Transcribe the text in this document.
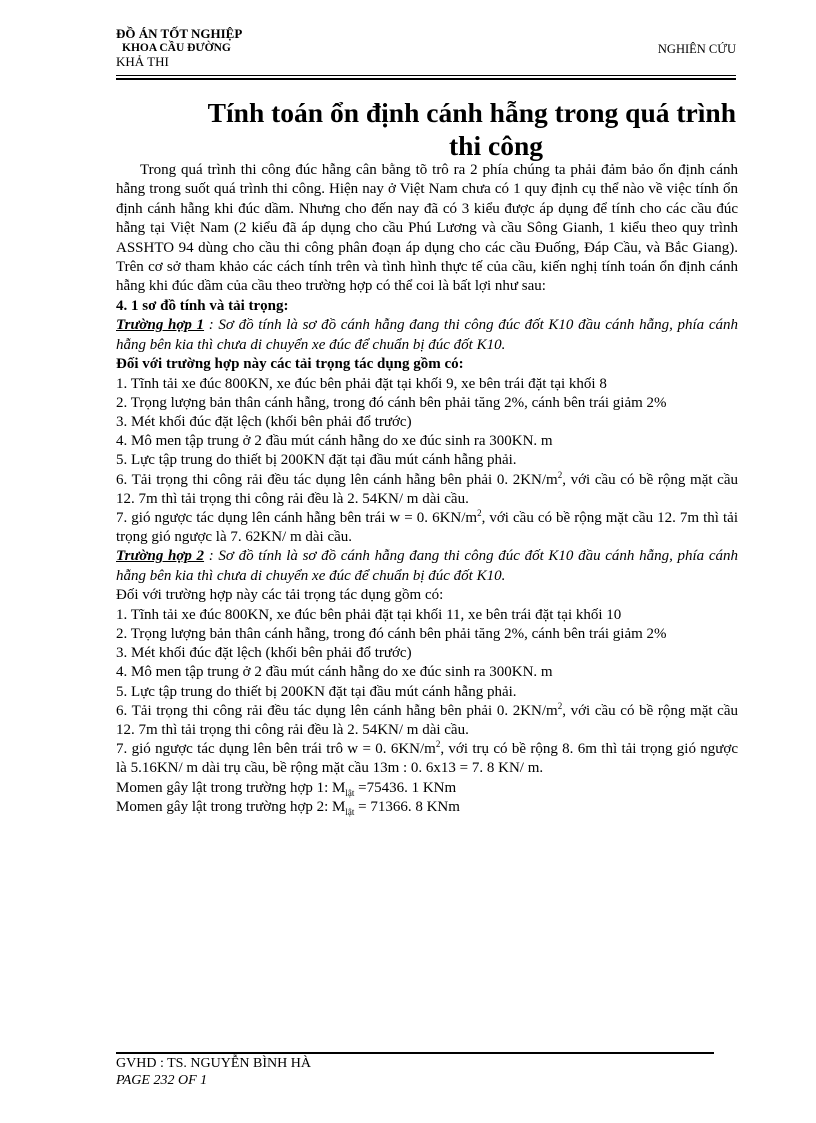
ĐỒ ÁN TỐT NGHIỆP
KHOA CẦU ĐƯỜNG
KHẢ THI
NGHIÊN CỨU
Tính toán ổn định cánh hẫng trong quá trình
thi công

Trong quá trình thi công đúc hẫng cân bằng tõ trô ra 2 phía chúng ta phải đảm bảo ổn định cánh hẫng trong suốt quá trình thi công. Hiện nay ở Việt Nam chưa có 1 quy định cụ thể nào về việc tính ổn định cánh hẫng khi đúc dầm. Nhưng cho đến nay đã có 3 kiểu được áp dụng để tính cho các cầu đúc hẫng tại Việt Nam (2 kiểu đã áp dụng cho cầu Phú Lương và cầu Sông Gianh, 1 kiểu theo quy trình ASSHTO 94 dùng cho cầu thi công phân đoạn áp dụng cho các cầu Đuống, Đáp Cầu, và Bắc Giang). Trên cơ sở tham khảo các cách tính trên và tình hình thực tế của cầu, kiến nghị tính toán ổn định cánh hẫng khi đúc dầm của cầu theo trường hợp có thể coi là bất lợi như sau:

4. 1 sơ đồ tính và tải trọng:

Trường hợp 1 : Sơ đồ tính là sơ đồ cánh hẫng đang thi công đúc đốt K10 đầu cánh hẫng, phía cánh hẫng bên kia thì chưa di chuyển xe đúc để chuẩn bị đúc đốt K10.

Đối với trường hợp này các tải trọng tác dụng gồm có:

1. Tĩnh tải xe đúc 800KN, xe đúc bên phải đặt tại khối 9, xe bên trái đặt tại khối 8

2. Trọng lượng bản thân cánh hẫng, trong đó cánh bên phải tăng 2%, cánh bên trái giảm 2%

3. Mét khối đúc đặt lệch (khối bên phải đổ trước)

4. Mô men tập trung ở 2 đầu mút cánh hẫng do xe đúc sinh ra 300KN. m

5. Lực tập trung do thiết bị 200KN đặt tại đầu mút cánh hẫng phải.

6. Tải trọng thi công rải đều tác dụng lên cánh hẫng bên phải 0. $2KN/m^2$, với cầu có bề rộng mặt cầu 12. 7m thì tải trọng thi công rải đều là 2. 54KN/ m dài cầu.

7. gió ngược tác dụng lên cánh hẫng bên trái w = 0. $6KN/m^2$, với cầu có bề rộng mặt cầu 12. 7m thì tải trọng gió ngược là 7. 62KN/ m dài cầu.

Trường hợp 2 : Sơ đồ tính là sơ đồ cánh hẫng đang thi công đúc đốt K10 đầu cánh hẫng, phía cánh hẫng bên kia thì chưa di chuyển xe đúc để chuẩn bị đúc đốt K10.

Đối với trường hợp này các tải trọng tác dụng gồm có:

1. Tĩnh tải xe đúc 800KN, xe đúc bên phải đặt tại khối 11, xe bên trái đặt tại khối 10

2. Trọng lượng bản thân cánh hẫng, trong đó cánh bên phải tăng 2%, cánh bên trái giảm 2%

3. Mét khối đúc đặt lệch (khối bên phải đổ trước)

4. Mô men tập trung ở 2 đầu mút cánh hẫng do xe đúc sinh ra 300KN. m

5. Lực tập trung do thiết bị 200KN đặt tại đầu mút cánh hẫng phải.

6. Tải trọng thi công rải đều tác dụng lên cánh hẫng bên phải 0. $2KN/m^2$, với cầu có bề rộng mặt cầu 12. 7m thì tải trọng thi công rải đều là 2. 54KN/ m dài cầu.

7. gió ngược tác dụng lên bên trái trô w = 0. $6KN/m^2$, với trụ có bề rộng 8. 6m thì tải trọng gió ngược là 5.16KN/ m dài trụ cầu, bề rộng mặt cầu 13m : 0. 6x13 = 7. 8 KN/ m.

Momen gây lật trong trường hợp 1: $M_{lật} =75436$. 1 KNm

Momen gây lật trong trường hợp 2: $M_{lật} = 71366$. 8 KNm

GVHD : TS. NGUYỄN BÌNH HÀ
PAGE 232 OF 1
